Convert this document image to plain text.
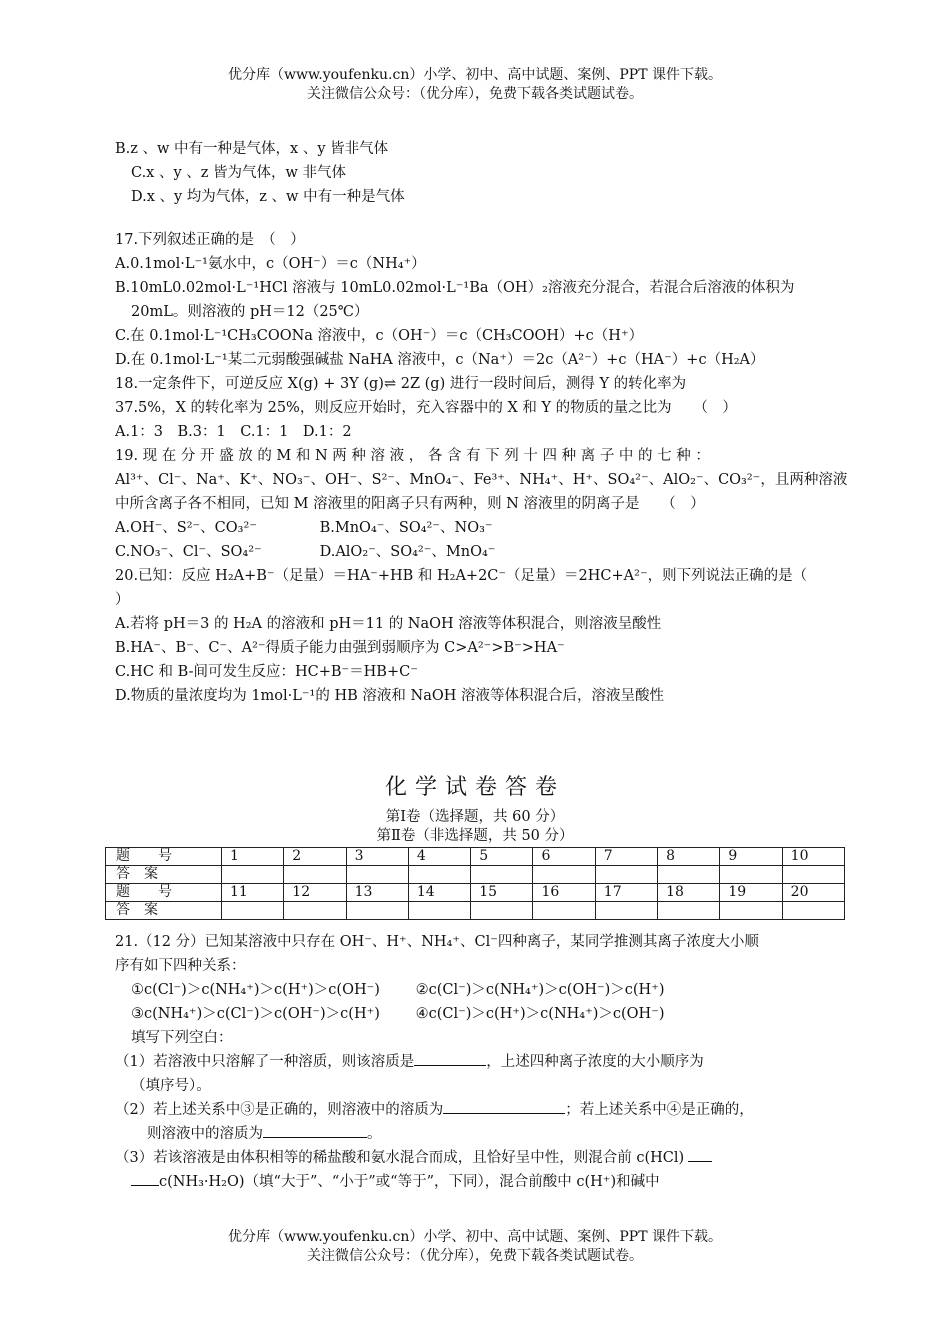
优分库（www.youfenku.cn）小学、初中、高中试题、案例、PPT 课件下载。
关注微信公众号：（优分库），免费下载各类试题试卷。
B.z 、w 中有一种是气体，x 、y 皆非气体
C.x 、y 、z 皆为气体，w 非气体
D.x 、y 均为气体，z 、w 中有一种是气体
17.下列叙述正确的是　（　）
A.0.1mol·L⁻¹氨水中，c（OH⁻）＝c（NH₄⁺）
B.10mL0.02mol·L⁻¹HCl 溶液与 10mL0.02mol·L⁻¹Ba（OH）₂溶液充分混合，若混合后溶液的体积为
20mL。则溶液的 pH＝12（25℃）
C.在 0.1mol·L⁻¹CH₃COONa 溶液中，c（OH⁻）＝c（CH₃COOH）+c（H⁺）
D.在 0.1mol·L⁻¹某二元弱酸强碱盐 NaHA 溶液中，c（Na⁺）＝2c（A²⁻）+c（HA⁻）+c（H₂A）
18.一定条件下，可逆反应 X(g) + 3Y (g)⇌ 2Z (g) 进行一段时间后，测得 Y 的转化率为
37.5%，X 的转化率为 25%，则反应开始时，充入容器中的 X 和 Y 的物质的量之比为　　（　）
A.1：3　B.3：1　C.1：1　D.1：2
19. 现 在 分 开 盛 放 的 M 和 N 两 种 溶 液 ， 各 含 有 下 列 十 四 种 离 子 中 的 七 种 ：
Al³⁺、Cl⁻、Na⁺、K⁺、NO₃⁻、OH⁻、S²⁻、MnO₄⁻、Fe³⁺、NH₄⁺、H⁺、SO₄²⁻、AlO₂⁻、CO₃²⁻，且两种溶液
中所含离子各不相同，已知 M 溶液里的阳离子只有两种，则 N 溶液里的阴离子是　　（　）
A.OH⁻、S²⁻、CO₃²⁻	B.MnO₄⁻、SO₄²⁻、NO₃⁻
C.NO₃⁻、Cl⁻、SO₄²⁻	D.AlO₂⁻、SO₄²⁻、MnO₄⁻
20.已知：反应 H₂A+B⁻（足量）＝HA⁻+HB 和 H₂A+2C⁻（足量）＝2HC+A²⁻，则下列说法正确的是（
）
A.若将 pH＝3 的 H₂A 的溶液和 pH＝11 的 NaOH 溶液等体积混合，则溶液呈酸性
B.HA⁻、B⁻、C⁻、A²⁻得质子能力由强到弱顺序为 C>A²⁻>B⁻>HA⁻
C.HC 和 B-间可发生反应：HC+B⁻＝HB+C⁻
D.物质的量浓度均为 1mol·L⁻¹的 HB 溶液和 NaOH 溶液等体积混合后，溶液呈酸性
化学试卷答卷
第Ⅰ卷（选择题，共 60 分）
第Ⅱ卷（非选择题，共 50 分）
题　　号	1	2	3	4	5	6	7	8	9	10
答　案										
题　　号	11	12	13	14	15	16	17	18	19	20
答　案										
21.（12 分）已知某溶液中只存在 OH⁻、H⁺、NH₄⁺、Cl⁻四种离子，某同学推测其离子浓度大小顺
序有如下四种关系：
①c(Cl⁻)＞c(NH₄⁺)＞c(H⁺)＞c(OH⁻) ②c(Cl⁻)＞c(NH₄⁺)＞c(OH⁻)＞c(H⁺)
③c(NH₄⁺)＞c(Cl⁻)＞c(OH⁻)＞c(H⁺) ④c(Cl⁻)＞c(H⁺)＞c(NH₄⁺)＞c(OH⁻)
填写下列空白：
（1）若溶液中只溶解了一种溶质，则该溶质是	，上述四种离子浓度的大小顺序为
（填序号）。
（2）若上述关系中③是正确的，则溶液中的溶质为	；若上述关系中④是正确的，
则溶液中的溶质为	。
（3）若该溶液是由体积相等的稀盐酸和氨水混合而成，且恰好呈中性，则混合前 c(HCl)
c(NH₃·H₂O)（填“大于”、“小于”或“等于”，下同），混合前酸中 c(H⁺)和碱中
优分库（www.youfenku.cn）小学、初中、高中试题、案例、PPT 课件下载。
关注微信公众号：（优分库），免费下载各类试题试卷。
